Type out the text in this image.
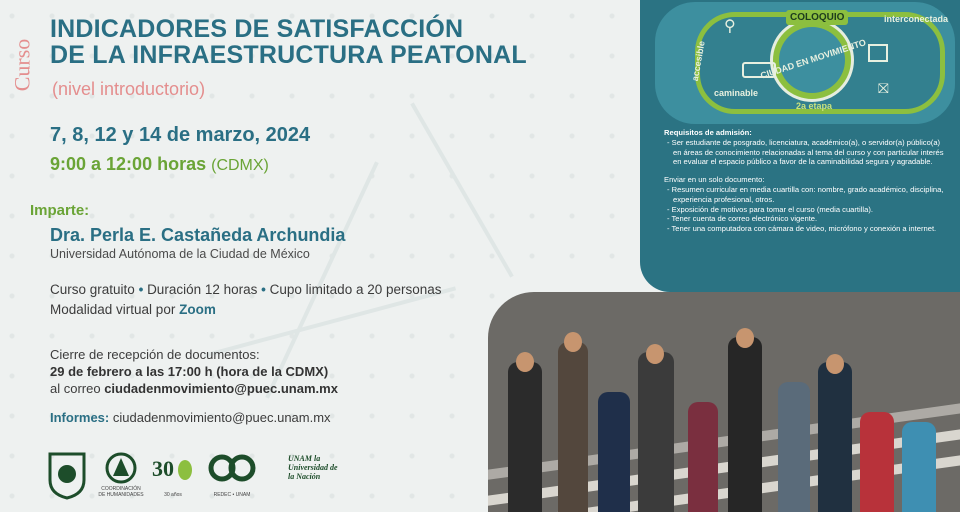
Curso
INDICADORES DE SATISFACCIÓN
DE LA INFRAESTRUCTURA PEATONAL
(nivel introductorio)
7, 8, 12 y 14 de marzo, 2024
9:00 a 12:00 horas (CDMX)
Imparte:
Dra. Perla E. Castañeda Archundia
Universidad Autónoma de la Ciudad de México
Curso gratuito • Duración 12 horas • Cupo limitado a 20 personas
Modalidad virtual por Zoom
Cierre de recepción de documentos:
29 de febrero a las 17:00 h (hora de la CDMX)
al correo ciudadenmovimiento@puec.unam.mx
Informes: ciudadenmovimiento@puec.unam.mx
COORDINACIÓN DE HUMANIDADES
30
30 años	REDEC • UNAM
UNAM la Universidad de la Nación
COLOQUIO
CIUDAD EN MOVIMIENTO
2a etapa
accesible
caminable
interconectada
⚲
⛝

Requisitos de admisión:

- Ser estudiante de posgrado, licenciatura, académico(a), o servidor(a) público(a) en áreas de conocimiento relacionadas al tema del curso y con particular interés en evaluar el espacio público a favor de la caminabilidad segura y agradable.

Enviar en un solo documento:

- Resumen curricular en media cuartilla con: nombre, grado académico, disciplina, experiencia profesional, otros.

- Exposición de motivos para tomar el curso (media cuartilla).

- Tener cuenta de correo electrónico vigente.

- Tener una computadora con cámara de video, micrófono y conexión a internet.
